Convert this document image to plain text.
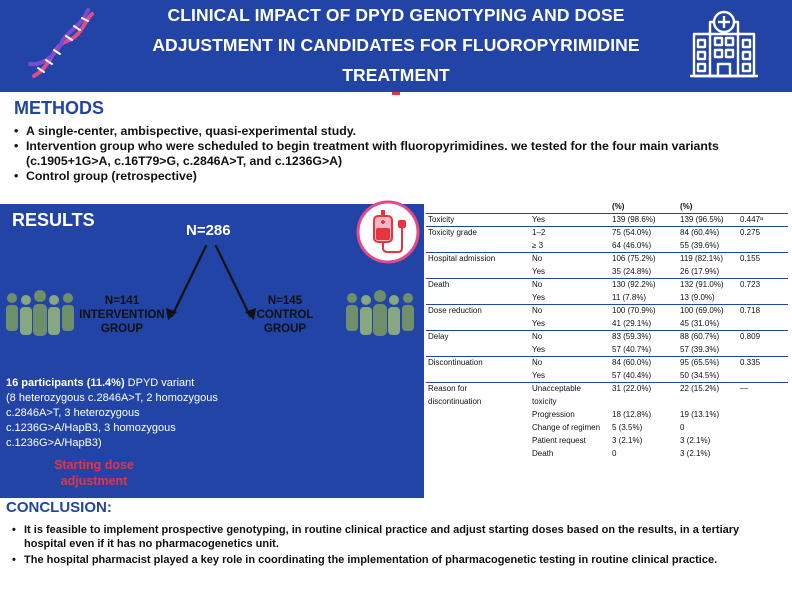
CLINICAL IMPACT OF DPYD GENOTYPING AND DOSE
ADJUSTMENT IN CANDIDATES FOR FLUOROPYRIMIDINE
TREATMENT
METHODS
• A single-center, ambispective, quasi-experimental study.
• Intervention group who were scheduled to begin treatment with fluoropyrimidines. we tested for the four main variants (c.1905+1G>A, c.16T79>G, c.2846A>T, and c.1236G>A)
• Control group (retrospective)
RESULTS
N=286
N=141
INTERVENTION
GROUP
N=145
CONTROL
GROUP
16 participants (11.4%) DPYD variant
(8 heterozygous c.2846A>T, 2 homozygous
c.2846A>T, 3 heterozygous
c.1236G>A/HapB3, 3 homozygous
c.1236G>A/HapB3)
Starting dose
adjustment
		(%)	(%)	
Toxicity	Yes	139 (98.6%)	139 (96.5%)	0.447ᵃ
Toxicity grade	1–2	75 (54.0%)	84 (60.4%)	0.275
	≥ 3	64 (46.0%)	55 (39.6%)	
Hospital admission	No	106 (75.2%)	119 (82.1%)	0.155
	Yes	35 (24.8%)	26 (17.9%)	
Death	No	130 (92.2%)	132 (91.0%)	0.723
	Yes	11 (7.8%)	13 (9.0%)	
Dose reduction	No	100 (70.9%)	100 (69.0%)	0.718
	Yes	41 (29.1%)	45 (31.0%)	
Delay	No	83 (59.3%)	88 (60.7%)	0.809
	Yes	57 (40.7%)	57 (39.3%)	
Discontinuation	No	84 (60.0%)	95 (65.5%)	0.335
	Yes	57 (40.4%)	50 (34.5%)	
Reason for	Unacceptable	31 (22.0%)	22 (15.2%)	—
discontinuation	toxicity			
	Progression	18 (12.8%)	19 (13.1%)	
	Change of regimen	5 (3.5%)	0	
	Patient request	3 (2.1%)	3 (2.1%)	
	Death	0	3 (2.1%)	
CONCLUSION:
• It is feasible to implement prospective genotyping, in routine clinical practice and adjust starting doses based on the results, in a tertiary hospital even if it has no pharmacogenetics unit.
• The hospital pharmacist played a key role in coordinating the implementation of pharmacogenetic testing in routine clinical practice.
